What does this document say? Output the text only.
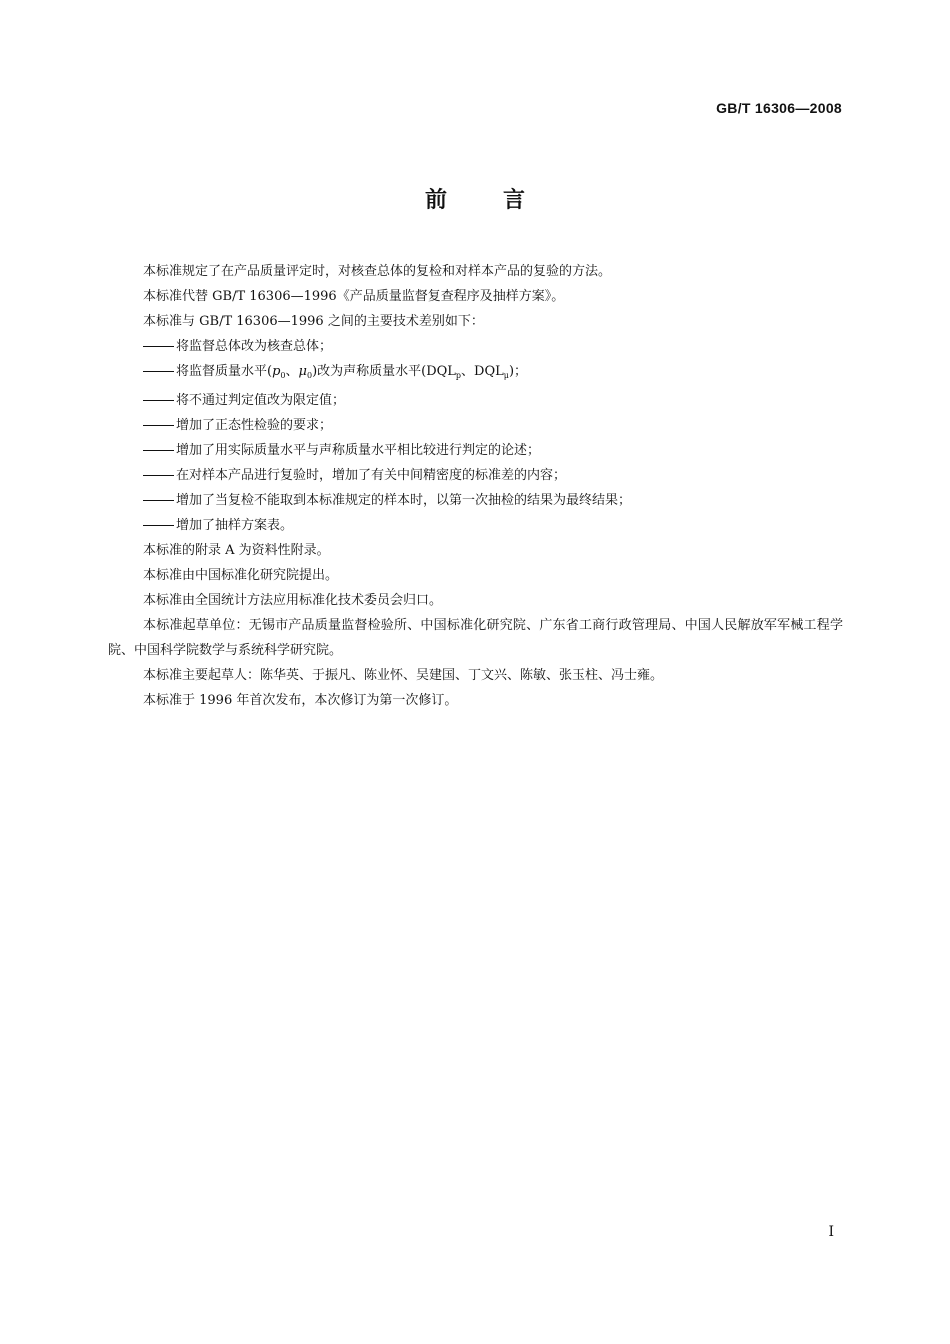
GB/T 16306—2008
前言

本标准规定了在产品质量评定时，对核查总体的复检和对样本产品的复验的方法。

本标准代替 GB/T 16306—1996《产品质量监督复查程序及抽样方案》。

本标准与 GB/T 16306—1996 之间的主要技术差别如下：

将监督总体改为核查总体；

将监督质量水平($p_0$、$\mu_0$)改为声称质量水平($DQL_p$、$DQL_\mu$)；

将不通过判定值改为限定值；

增加了正态性检验的要求；

增加了用实际质量水平与声称质量水平相比较进行判定的论述；

在对样本产品进行复验时，增加了有关中间精密度的标准差的内容；

增加了当复检不能取到本标准规定的样本时，以第一次抽检的结果为最终结果；

增加了抽样方案表。

本标准的附录 A 为资料性附录。

本标准由中国标准化研究院提出。

本标准由全国统计方法应用标准化技术委员会归口。

本标准起草单位：无锡市产品质量监督检验所、中国标准化研究院、广东省工商行政管理局、中国人民解放军军械工程学院、中国科学院数学与系统科学研究院。

本标准主要起草人：陈华英、于振凡、陈业怀、吴建国、丁文兴、陈敏、张玉柱、冯士雍。

本标准于 1996 年首次发布，本次修订为第一次修订。

I
